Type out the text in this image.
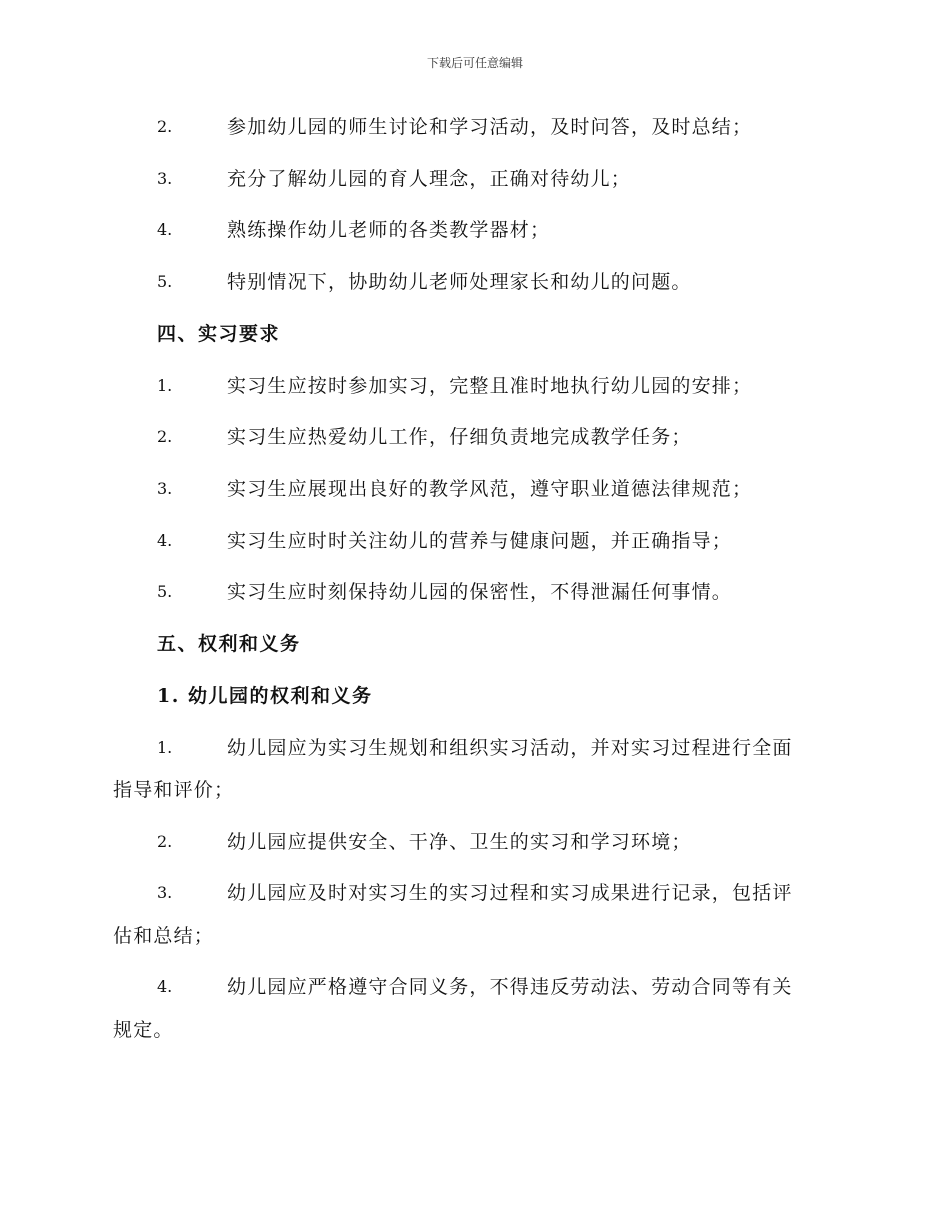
下载后可任意编辑
2.	参加幼儿园的师生讨论和学习活动，及时问答，及时总结；
3.	充分了解幼儿园的育人理念，正确对待幼儿；
4.	熟练操作幼儿老师的各类教学器材；
5.	特别情况下，协助幼儿老师处理家长和幼儿的问题。
四、实习要求
1.	实习生应按时参加实习，完整且准时地执行幼儿园的安排；
2.	实习生应热爱幼儿工作，仔细负责地完成教学任务；
3.	实习生应展现出良好的教学风范，遵守职业道德法律规范；
4.	实习生应时时关注幼儿的营养与健康问题，并正确指导；
5.	实习生应时刻保持幼儿园的保密性，不得泄漏任何事情。
五、权利和义务
1. 幼儿园的权利和义务
1.	幼儿园应为实习生规划和组织实习活动，并对实习过程进行全面
指导和评价；
2.	幼儿园应提供安全、干净、卫生的实习和学习环境；
3.	幼儿园应及时对实习生的实习过程和实习成果进行记录，包括评
估和总结；
4.	幼儿园应严格遵守合同义务，不得违反劳动法、劳动合同等有关
规定。
